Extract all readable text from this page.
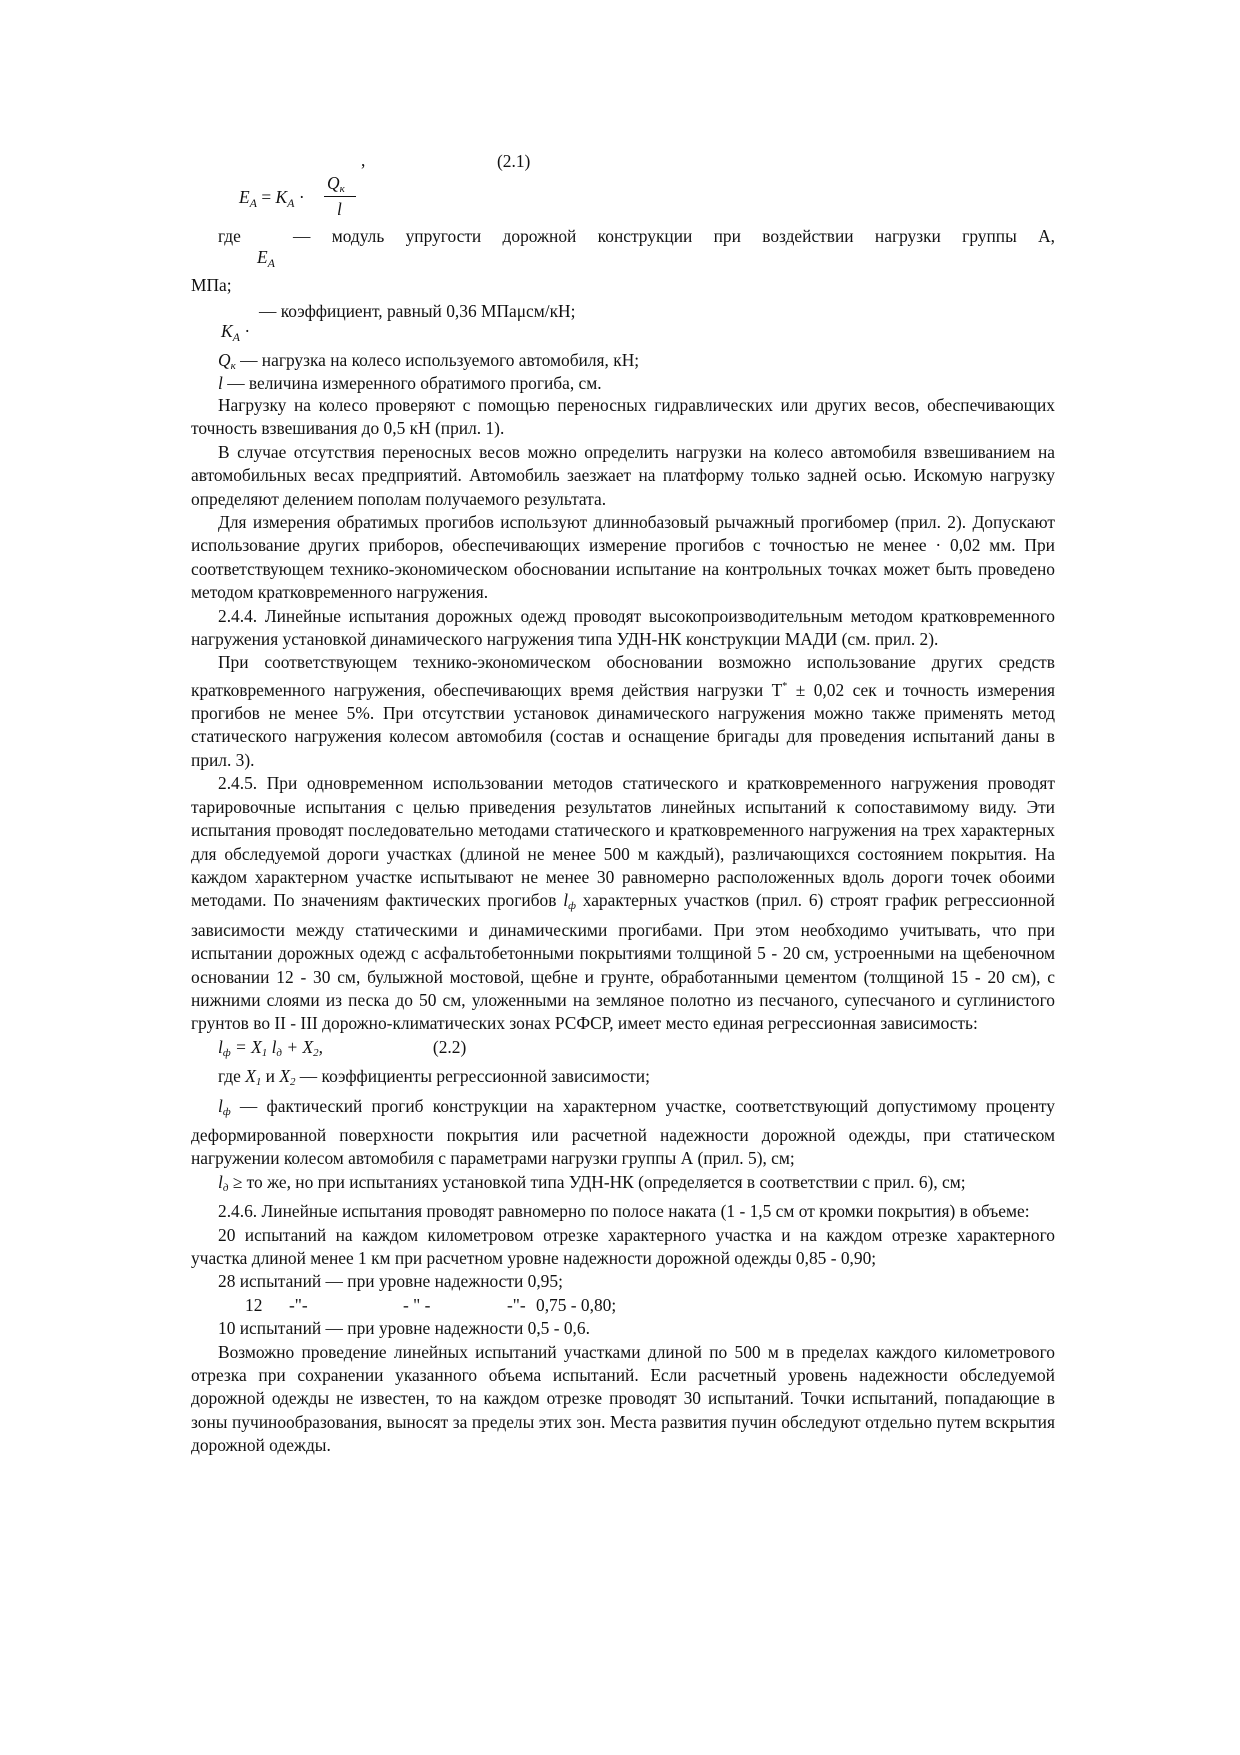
,	(2.1)
$E_A = K_A$ ·
$Q_к$
l
где	— модуль упругости дорожной конструкции при воздействии нагрузки группы А,
$E_A$
МПа;
— коэффициент, равный 0,36 МПaμсм/кН;
$K_A$ ·
$Q_к$ — нагрузка на колесо используемого автомобиля, кН;
l — величина измеренного обратимого прогиба, см.

Нагрузку на колесо проверяют с помощью переносных гидравлических или других весов, обеспечивающих точность взвешивания до 0,5 кН (прил. 1).

В случае отсутствия переносных весов можно определить нагрузки на колесо автомобиля взвешиванием на автомобильных весах предприятий. Автомобиль заезжает на платформу только задней осью. Искомую нагрузку определяют делением пополам получаемого результата.

Для измерения обратимых прогибов используют длиннобазовый рычажный прогибомер (прил. 2). Допускают использование других приборов, обеспечивающих измерение прогибов с точностью не менее · 0,02 мм. При соответствующем технико-экономическом обосновании испытание на контрольных точках может быть проведено методом кратковременного нагружения.

2.4.4. Линейные испытания дорожных одежд проводят высокопроизводительным методом кратковременного нагружения установкой динамического нагружения типа УДН-НК конструкции МАДИ (см. прил. 2).

При соответствующем технико-экономическом обосновании возможно использование других средств кратковременного нагружения, обеспечивающих время действия нагрузки Т* ± 0,02 сек и точность измерения прогибов не менее 5%. При отсутствии установок динамического нагружения можно также применять метод статического нагружения колесом автомобиля (состав и оснащение бригады для проведения испытаний даны в прил. 3).

2.4.5. При одновременном использовании методов статического и кратковременного нагружения проводят тарировочные испытания с целью приведения результатов линейных испытаний к сопоставимому виду. Эти испытания проводят последовательно методами статического и кратковременного нагружения на трех характерных для обследуемой дороги участках (длиной не менее 500 м каждый), различающихся состоянием покрытия. На каждом характерном участке испытывают не менее 30 равномерно расположенных вдоль дороги точек обоими методами. По значениям фактических прогибов $l_ф$ характерных участков (прил. 6) строят график регрессионной зависимости между статическими и динамическими прогибами. При этом необходимо учитывать, что при испытании дорожных одежд с асфальтобетонными покрытиями толщиной 5 - 20 см, устроенными на щебеночном основании 12 - 30 см, булыжной мостовой, щебне и грунте, обработанными цементом (толщиной 15 - 20 см), с нижними слоями из песка до 50 см, уложенными на земляное полотно из песчаного, супесчаного и суглинистого грунтов во II - III дорожно-климатических зонах РСФСР, имеет место единая регрессионная зависимость:

$l_ф = X_1$ $l_д + X_2$,	(2.2)

где $X_1$ и $X_2$ — коэффициенты регрессионной зависимости;

$l_ф$ — фактический прогиб конструкции на характерном участке, соответствующий допустимому проценту деформированной поверхности покрытия или расчетной надежности дорожной одежды, при статическом нагружении колесом автомобиля с параметрами нагрузки группы А (прил. 5), см;

$l_д$ ≥ то же, но при испытаниях установкой типа УДН-НК (определяется в соответствии с прил. 6), см;

2.4.6. Линейные испытания проводят равномерно по полосе наката (1 - 1,5 см от кромки покрытия) в объеме:

20 испытаний на каждом километровом отрезке характерного участка и на каждом отрезке характерного участка длиной менее 1 км при расчетном уровне надежности дорожной одежды 0,85 - 0,90;

28 испытаний — при уровне надежности 0,95;

12 -"-	- " -	-"- 0,75 - 0,80;

10 испытаний — при уровне надежности 0,5 - 0,6.

Возможно проведение линейных испытаний участками длиной по 500 м в пределах каждого километрового отрезка при сохранении указанного объема испытаний. Если расчетный уровень надежности обследуемой дорожной одежды не известен, то на каждом отрезке проводят 30 испытаний. Точки испытаний, попадающие в зоны пучинообразования, выносят за пределы этих зон. Места развития пучин обследуют отдельно путем вскрытия дорожной одежды.
